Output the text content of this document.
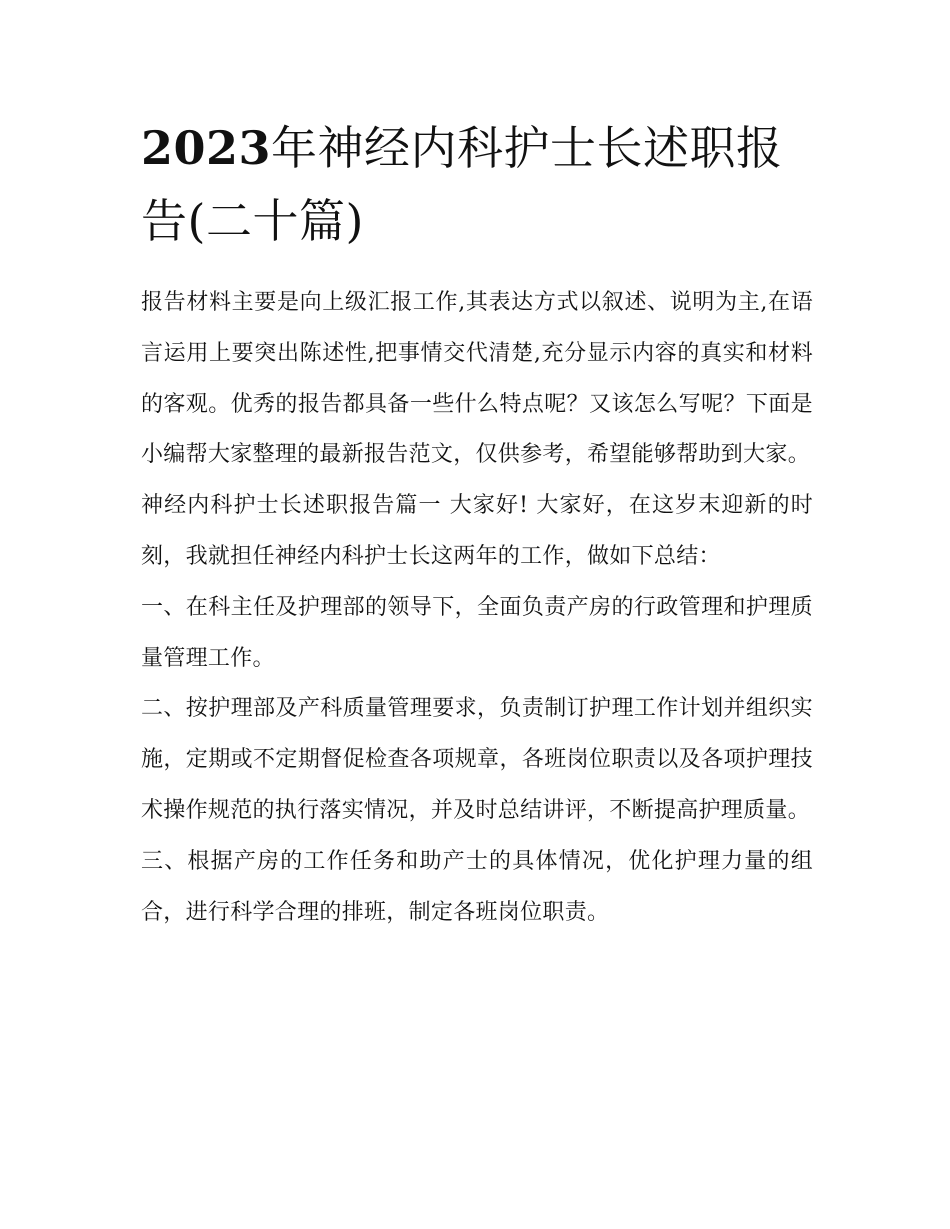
2023年神经内科护士长述职报告(二十篇)

报告材料主要是向上级汇报工作,其表达方式以叙述、说明为主,在语言运用上要突出陈述性,把事情交代清楚,充分显示内容的真实和材料的客观。优秀的报告都具备一些什么特点呢？又该怎么写呢？下面是小编帮大家整理的最新报告范文，仅供参考，希望能够帮助到大家。

神经内科护士长述职报告篇一 大家好! 大家好，在这岁末迎新的时刻，我就担任神经内科护士长这两年的工作，做如下总结：

一、在科主任及护理部的领导下，全面负责产房的行政管理和护理质量管理工作。

二、按护理部及产科质量管理要求，负责制订护理工作计划并组织实施，定期或不定期督促检查各项规章，各班岗位职责以及各项护理技术操作规范的执行落实情况，并及时总结讲评，不断提高护理质量。

三、根据产房的工作任务和助产士的具体情况，优化护理力量的组合，进行科学合理的排班，制定各班岗位职责。
